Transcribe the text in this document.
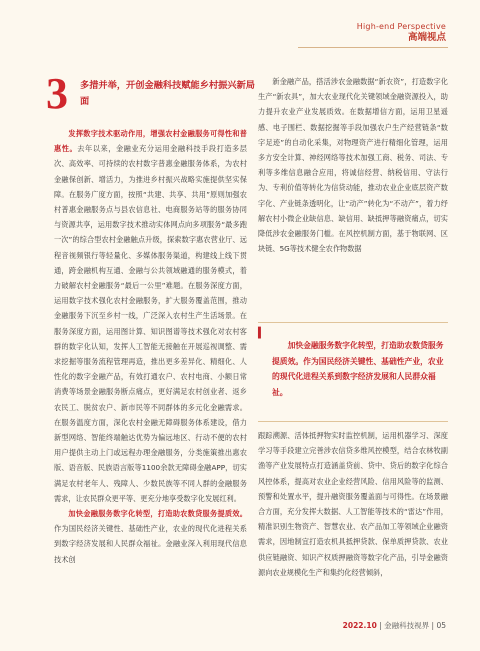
High-end Perspective
高端视点
3	多措并举，开创金融科技赋能乡村振兴新局面

发挥数字技术驱动作用，增强农村金融服务可得性和普惠性。去年以来，金融业充分运用金融科技手段打造多层次、高效率、可持续的农村数字普惠金融服务体系，为农村金融保创新、增活力，为推进乡村振兴战略实施提供坚实保障。在服务广度方面，按照“共建、共享、共用”原则加强农村普惠金融服务点与县农信息社、电商服务站等的服务协同与资源共享，运用数字技术推动实体网点向多项服务“最多跑一次”的综合型农村金融触点升级，探索数字惠农营业厅、远程音视频银行等轻量化、多媒体服务渠道，构建线上线下贯通，跨金融机构互通、金融与公共领域融通的服务模式，着力破解农村金融服务“最后一公里”难题。在服务深度方面，运用数字技术强化农村金融服务，扩大服务覆盖范围，推动金融服务下沉至乡村一线，广泛深入农村生产生活场景。在服务深度方面，运用图计算、知识图谱等技术强化对农村客群的数字化认知，发挥人工智能无接触在开展巡视调整、需求挖掘等服务流程管理再造，推出更多差异化、精细化、人性化的数字金融产品，有效打通农户、农村电商、小额日常消费等场景金融服务断点痛点，更好满足农村创业者、返乡农民工、脱贫农户、新市民等不同群体的多元化金融需求。在服务温度方面，深化农村金融无障碍服务体系建设，借力新型网络、智能终端触达优势为偏远地区、行动不便的农村用户提供主动上门或远程办理金融服务，分类施策推出惠农版、语音版、民族语言版等1100余款无障碍金融APP，切实满足农村老年人、残障人、少数民族等不同人群的金融服务需求，让农民群众更平等、更充分地享受数字化发展红利。

加快金融服务数字化转型，打造助农数贷服务提质效。作为国民经济关键性、基础性产业，农业的现代化进程关系到数字经济发展和人民群众福祉。金融业深入利用现代信息技术创

新金融产品，搭活涉农金融数据“新农资”，打造数字化生产“新农具”，加大农业现代化关键领域金融资源投入，助力提升农业产业发展质效。在数据增信方面，运用卫星遥感、电子围栏、数据挖掘等手段加强农户生产经营链条“数字足迹”的自动化采集，对物理资产进行精细化管理，运用多方安全计算、神经网络等技术加强工商、税务、司法、专利等多维信息融合应用，将诚信经营、纳税信用、守法行为、专利价值等转化为信贷动能，推动农业企业底层资产数字化、产业链条透明化，让“动产”转化为“不动产”，着力纾解农村小微企业缺信息、缺信用、缺抵押等融资痛点，切实降低涉农金融服务门槛。在风控机制方面，基于物联网、区块链、5G等技术健全农作物数据

▍
加快金融服务数字化转型，打造助农数贷服务提质效。作为国民经济关键性、基础性产业，农业的现代化进程关系到数字经济发展和人民群众福祉。

跟踪溯源、活体抵押物实时监控机制，运用机器学习、深度学习等手段建立完善涉农信贷多维风控模型，结合农林牧副渔等产业发展特点打造涵盖贷前、贷中、贷后的数字化综合风控体系，提高对农业企业经营风险、信用风险等的监测、预警和处置水平，提升融资服务覆盖面与可得性。在场景融合方面，充分发挥大数据、人工智能等技术的“雷达”作用，精准识别生物资产、智慧农业、农产品加工等领域企业融资需求，因地制宜打造农机具抵押贷款、保单质押贷款、农业供应链融资、知识产权质押融资等数字化产品，引导金融资源向农业规模化生产和集约化经营倾斜，

2022.10 | 金融科技视界 | 05
